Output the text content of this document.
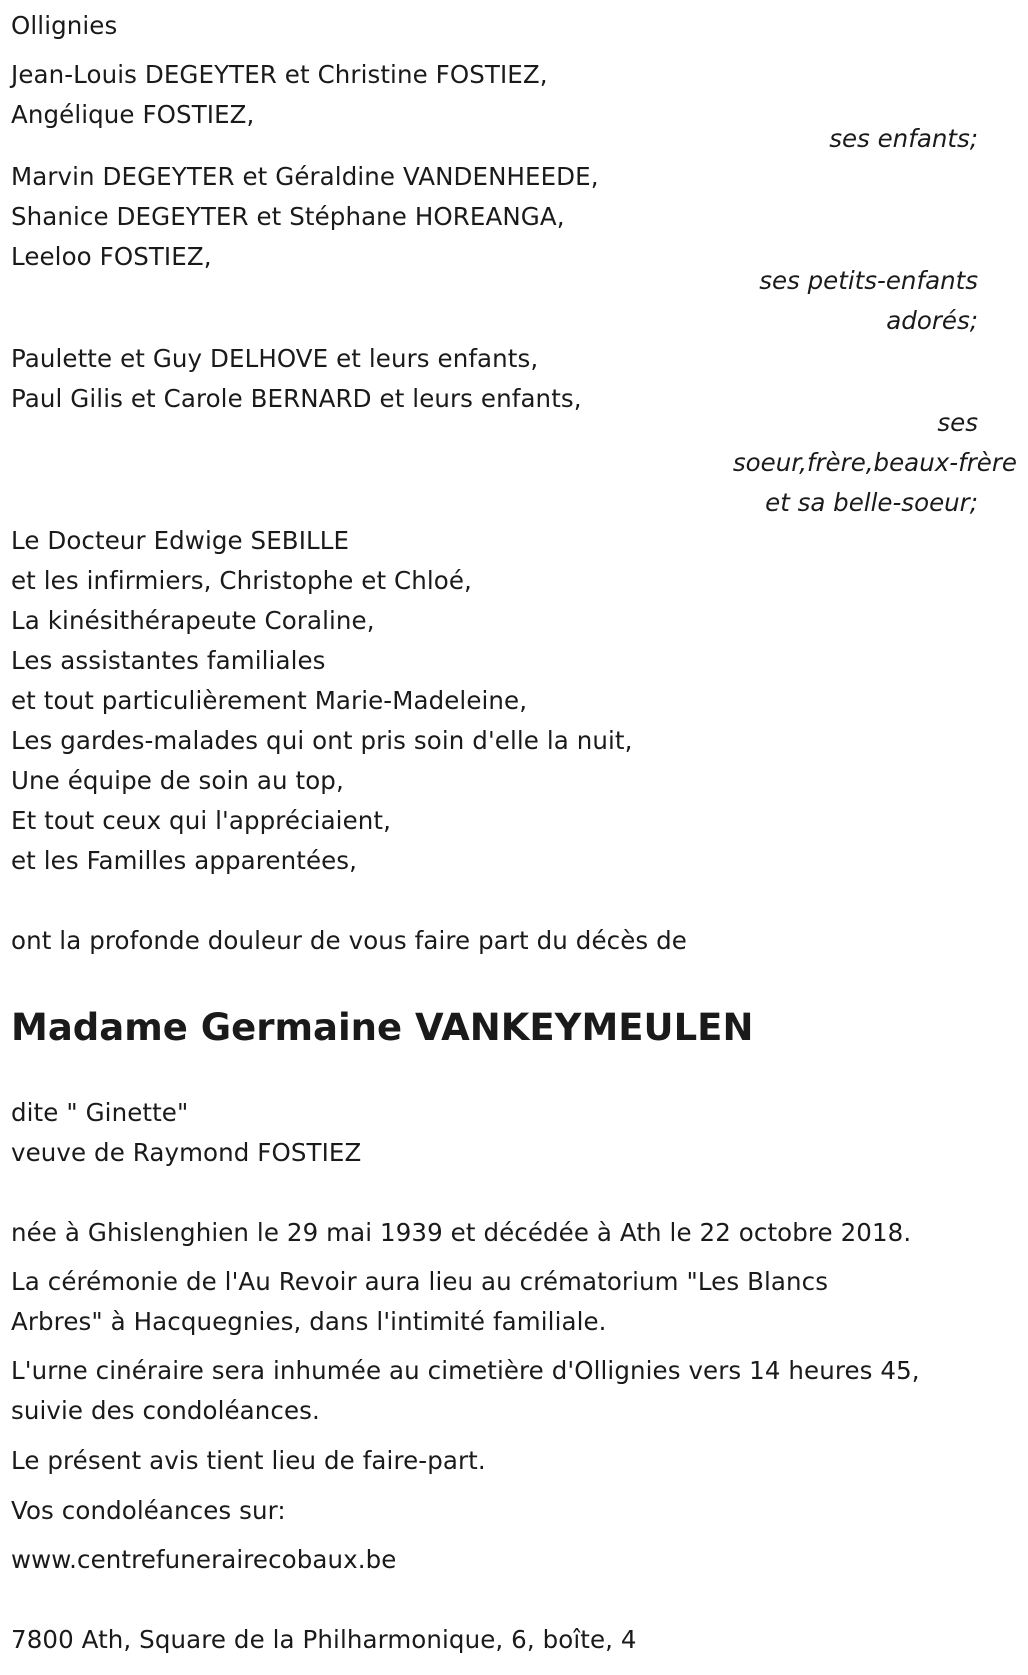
Ollignies
Jean-Louis DEGEYTER et Christine FOSTIEZ,
Angélique FOSTIEZ,
ses enfants;
Marvin DEGEYTER et Géraldine VANDENHEEDE,
Shanice DEGEYTER et Stéphane HOREANGA,
Leeloo FOSTIEZ,
ses petits-enfants
adorés;
Paulette et Guy DELHOVE et leurs enfants,
Paul Gilis et Carole BERNARD et leurs enfants,
ses
soeur,frère,beaux-frère
et sa belle-soeur;
Le Docteur Edwige SEBILLE
et les infirmiers, Christophe et Chloé,
La kinésithérapeute Coraline,
Les assistantes familiales
et tout particulièrement Marie-Madeleine,
Les gardes-malades qui ont pris soin d'elle la nuit,
Une équipe de soin au top,
Et tout ceux qui l'appréciaient,
et les Familles apparentées,
ont la profonde douleur de vous faire part du décès de
Madame Germaine VANKEYMEULEN
dite " Ginette"
veuve de Raymond FOSTIEZ
née à Ghislenghien le 29 mai 1939 et décédée à Ath le 22 octobre 2018.
La cérémonie de l'Au Revoir aura lieu au crématorium "Les Blancs
Arbres" à Hacquegnies, dans l'intimité familiale.
L'urne cinéraire sera inhumée au cimetière d'Ollignies vers 14 heures 45,
suivie des condoléances.
Le présent avis tient lieu de faire-part.
Vos condoléances sur:
www.centrefunerairecobaux.be
7800 Ath, Square de la Philharmonique, 6, boîte, 4
